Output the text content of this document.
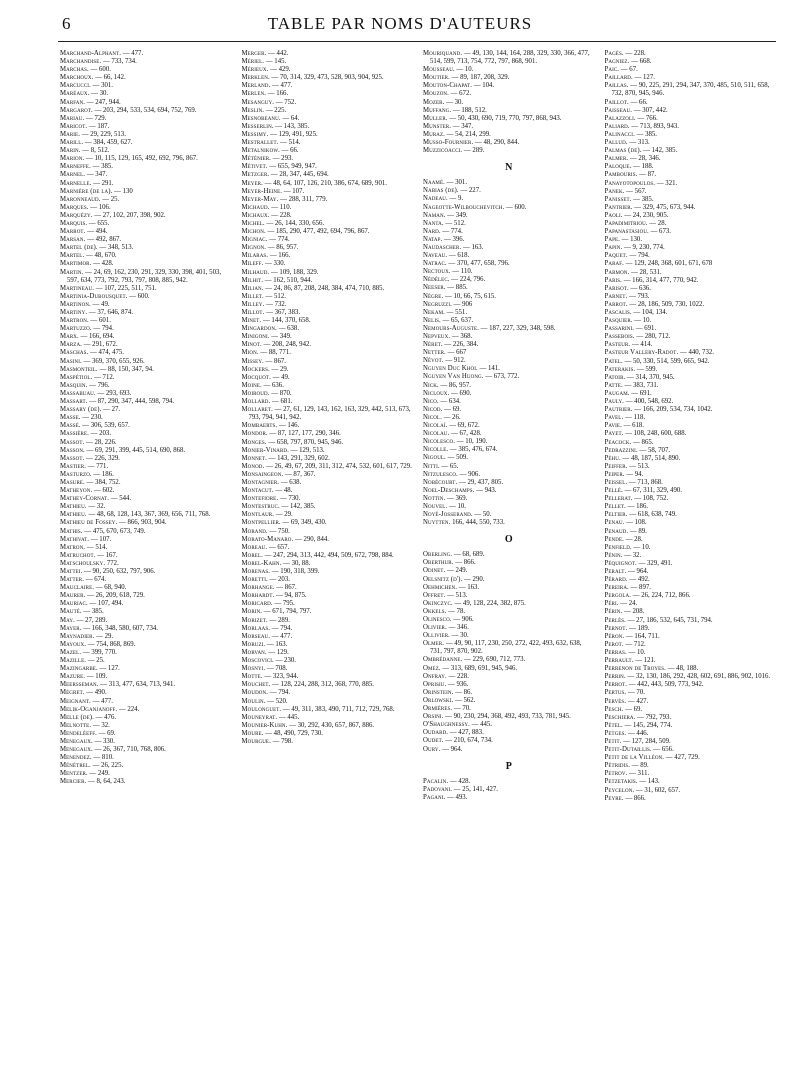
6	TABLE PAR NOMS D'AUTEURS
Marchand-Alphant. — 477.
Marchandise. — 733, 734.
Marchas. — 600.
Marchoux. — 66, 142.
Marcucci. — 301.
Maréaux. — 30.
Marfan. — 247, 944.
Margarot. — 203, 294, 533, 534, 694, 752, 769.
Mariau. — 729.
Maricot. — 187.
Marie. — 29, 229, 513.
Marill. — 384, 459, 627.
Marin. — 8, 512.
Marion. — 10, 115, 129, 165, 492, 692, 796, 867.
Marneffe. — 385.
Marnel. — 347.
Marnelle. — 291.
Marnière (de la). — 130
Maronneaud. — 25.
Marques. — 106.
Marquézy. — 27, 102, 207, 398, 902.
Marquis. — 655.
Marrot. — 494.
Marsan. — 492, 867.
Martel (de). — 348, 513.
Martel. — 48, 670.
Martimor. — 428.
Martin. — 24, 69, 162, 230, 291, 329, 330, 398, 401, 503, 597, 634, 773, 792, 793, 797, 808, 885, 942.
Martineau. — 107, 225, 511, 751.
Martinia-Dubousquet. — 600.
Martinon. — 49.
Martiny. — 37, 646, 874.
Martron. — 601.
Martuzzo. — 794.
Marx. — 166, 694.
Marza. — 291, 672.
Maschas. — 474, 475.
Masini. — 369, 370, 655, 926.
Masmonteil. — 88, 150, 347, 94.
Maspétiol. — 712.
Masquin. — 796.
Massabuau. — 293, 693.
Massart. — 87, 290, 347, 444, 598, 794.
Massary (de). — 27.
Masse. — 230.
Massé. — 306, 539, 657.
Massière. — 203.
Massot. — 28, 226.
Masson. — 69, 291, 399, 445, 514, 690, 868.
Massot. — 226, 329.
Mastier. — 771.
Masturzo. — 186.
Masure. — 384, 752.
Matheyon. — 602.
Mathey-Cornat. — 544.
Mathieu. — 32.
Mathieu. — 48, 68, 128, 143, 367, 369, 656, 711, 768.
Mathieu de Fossey. — 866, 903, 904.
Mathis. — 475, 670, 673, 749.
Mathivat. — 107.
Matron. — 514.
Matruchot. — 167.
Matschoulsky. 772.
Mattei. — 90, 250, 632, 797, 906.
Matter. — 674.
Mauclaire. — 68, 940.
Maurer. — 26, 209, 618, 729.
Mauriac. — 107, 494.
Mauté. — 385.
May. — 27, 289.
Mayer. — 166, 348, 580, 607, 734.
Maynadier. — 29.
Mayoux. — 754, 868, 869.
Mazel. — 399, 770.
Mazille. — 25.
Mazingarbe. — 127.
Mazure. — 109.
Meersseman. — 313, 477, 634, 713, 941.
Mégret. — 490.
Meignant. — 477.
Melik-Oganjanoff. — 224.
Melle (de). — 476.
Melnotte. — 32.
Mendeléeff. — 69.
Menegaux. — 330.
Menegaux. — 26, 367, 710, 768, 806.
Menendez. — 810.
Ménétrel. — 26, 225.
Mentzer. — 249.
Mercier. — 8, 64, 243.
Merger. — 442.
Mériel. — 145.
Mérieux. — 429.
Merklen. — 70, 314, 329, 473, 528, 903, 904, 925.
Merland. — 477.
Merlen. — 166.
Mesanguy. — 752.
Meslin. — 225.
Mesnobeanu. — 64.
Messerlin. — 143, 385.
Messimy. — 129, 491, 925.
Mestrallet. — 514.
Metalnikow. — 66.
Méténier. — 293.
Métivet. — 655, 949, 947.
Metzger. — 28, 347, 445, 694.
Meyer. — 48, 64, 107, 126, 210, 386, 674, 689, 901.
Meyer-Heine. — 107.
Meyer-May. — 288, 311, 779.
Michaud. — 110.
Michaux. — 228.
Michel. — 26, 144, 330, 656.
Michon. — 185, 290, 477, 492, 694, 796, 867.
Migniac. — 774.
Mignon. — 86, 957.
Milaras. — 166.
Mileff. — 330.
Milhaud. — 109, 188, 329.
Milhit. — 162, 510, 944.
Milian. — 24, 86, 87, 208, 248, 384, 474, 710, 885.
Millet. — 512.
Milley. — 732.
Millot. — 367, 383.
Minet. — 144, 370, 658.
Mingardon. — 638.
Minigoni. — 349.
Minot. — 208, 248, 942.
Mion. — 88, 771.
Missey. — 867.
Mockers. — 29.
Mocquot. — 49.
Moine. — 636.
Moiroud. — 870.
Mollard. — 681.
Mollaret. — 27, 61, 129, 143, 162, 163, 329, 442, 513, 673, 793, 794, 941, 942.
Mombaerts. — 146.
Mondor. — 87, 127, 177, 290, 346.
Monges. — 658, 797, 870, 945, 946.
Monier-Vinard. — 129, 513.
Monnet. — 143, 291, 329, 602.
Monod. — 26, 49, 67, 209, 311, 312, 474, 532, 601, 617, 729.
Monsaingeon. — 87, 367.
Montagnier. — 638.
Montacut. — 48.
Montefiore. — 730.
Montestruc. — 142, 385.
Montlaur. — 29.
Montpellier. — 69, 349, 430.
Morand. — 750.
Morato-Manaro. — 290, 844.
Moreau. — 657.
Morel. — 247, 294, 313, 442, 494, 509, 672, 798, 884.
Morel-Kahn. — 30, 88.
Morenas. — 190, 318, 399.
Moretti. — 203.
Morhange. — 867.
Morhardt. — 94, 875.
Moricard. — 795.
Morin. — 671, 794, 797.
Morizet. — 289.
Morlaas. — 794.
Morseau. — 477.
Moruzi. — 163.
Morvan. — 129.
Moscovici. — 230.
Mosnyi. — 708.
Motte. — 323, 944.
Mouchet. — 128, 224, 288, 312, 368, 770, 885.
Moudon. — 794.
Moulin. — 520.
Moulonguet. — 49, 311, 383, 490, 711, 712, 729, 768.
Mouneyrat. — 445.
Mounier-Kuhn. — 30, 292, 430, 657, 867, 886.
Moure. — 48, 490, 729, 730.
Mourgue. — 798.
Mouriquand. — 49, 130, 144, 164, 288, 329, 330, 366, 477, 514, 599, 713, 754, 772, 797, 868, 901.
Mousseau. — 10.
Moutier. — 89, 187, 208, 329.
Mouton-Chapat. — 104.
Mouzon. — 672.
Mozer. — 30.
Muffang. — 188, 512.
Muller. — 50, 430, 690, 719, 770, 797, 868, 943.
Munster. — 347.
Muraz. — 54, 214, 299.
Musso-Fournier. — 48, 290, 844.
Muzzicoacci. — 289.
N
Naamé. — 301.
Nabias (de). — 227.
Nadeau. — 9.
Nageotte-Wilbouchevitch. — 600.
Naman. — 349.
Nanta. — 512.
Nard. — 774.
Natap. — 396.
Naudascher. — 163.
Naveau. — 618.
Natrac. — 370, 477, 658, 796.
Nectoux. — 110.
Nédélec. — 224, 796.
Neeser. — 885.
Nègre. — 10, 66, 75, 615.
Negruzzi. — 906
Nekam. — 551.
Nelis. — 65, 637.
Nemours-Auguste. — 187, 227, 329, 348, 598.
Nepveux. — 368.
Néret. — 226, 384.
Netter. — 667
Névot. — 912.
Nguyen Duc Khoi. — 141.
Nguyen Van Huong. — 673, 772.
Nick. — 86, 957.
Nicloux. — 690.
Nico. — 634.
Nicod. — 69.
Nicol. — 26.
Nicolaï. — 69, 672.
Nicolau. — 67, 428.
Nicolesco. — 10, 190.
Nicolle. — 385, 476, 674.
Nigoul. — 509.
Nitti. — 65.
Nitzulesco. — 906.
Nobécourt. — 29, 437, 805.
Noel-Deschamps. — 943.
Nottin. — 369.
Nouvel. — 10.
Noyé-Josserand. — 50.
Nuytten. 166, 444, 550, 733.
O
Oberling. — 68, 689.
Oberthur. — 866.
Odinet. — 249.
Oelsnitz (d'). — 290.
Oehmichen. — 163.
Offret. — 513.
Okinczyc. — 49, 128, 224, 382, 875.
Okkels. — 78.
Olinesco. — 906.
Olivier. — 346.
Ollivier. — 30.
Olmer. — 49, 90, 117, 230, 250, 272, 422, 493, 632, 638, 731, 797, 870, 902.
Ombrédanne. — 229, 690, 712, 773.
Omez. — 313, 689, 691, 945, 946.
Onfray. — 228.
Oprisiu. — 936.
Orinstein. — 86.
Orlowski. — 562.
Ormières. — 70.
Orsini. — 90, 230, 294, 368, 492, 493, 733, 781, 945.
O'Shaughnessy. — 445.
Oudard. — 427, 883.
Oudet. — 210, 674, 734.
Oury. — 964.
P
Pacalin. — 428.
Padovani. — 25, 141, 427.
Pagani. — 493.
Pagès. — 228.
Pagniez. — 668.
Paic. — 67.
Paillard. — 127.
Paillas. — 90, 225, 291, 294, 347, 370, 485, 510, 511, 658, 732, 870, 945, 946.
Paillot. — 66.
Paisseau. — 307, 442.
Palazzoli. — 766.
Paliard. — 713, 893, 943.
Palinacci. — 385.
Pallud. — 313.
Palmas (de). — 142, 385.
Palmer. — 28, 346.
Paloque. — 188.
Pambouris. — 87.
Panayotopoulos. — 321.
Panek. — 567.
Panisset. — 385.
Pantrier. — 329, 475, 673, 944.
Paoli. — 24, 230, 905.
Papadimitriou. — 28.
Papanastasiou. — 673.
Pape. — 130.
Papin. — 9, 230, 774.
Paquet. — 794.
Paraf. — 129, 248, 368, 601, 671, 678
Parmon. — 28, 531.
Paris. — 166, 314, 477, 770, 942.
Parisot. — 636.
Parnet. — 793.
Parrot. — 28, 186, 509, 730, 1022.
Pascalis. — 104, 134.
Pasquier. — 10.
Passarini. — 691.
Passebois. — 280, 712.
Pasteur. — 414.
Pasteur Vallery-Radot. — 440, 732.
Patel. — 50, 330, 514, 599, 665, 942.
Paterakis. — 599.
Patoir. — 314, 370, 945.
Patte. — 383, 731.
Paugam. — 691.
Pauly. — 400, 548, 692.
Pautrier. — 166, 209, 534, 734, 1042.
Pavel. — 118.
Pavie. — 618.
Payet. — 108, 248, 600, 688.
Peacock. — 865.
Pedrazzini. — 58, 707.
Péhu. — 48, 187, 514, 890.
Peiffer. — 513.
Peiper. — 94.
Peissel. — 713, 868.
Pellé. — 67, 311, 329, 490.
Pellerat. — 108, 752.
Pellet. — 186.
Peltier. — 618, 638, 749.
Penau. — 108.
Penaud. — 89.
Pende. — 28.
Penfield. — 10.
Pénin. — 32.
Péquignot. — 329, 491.
Peralt. — 964.
Pérard. — 492.
Pereira. — 897.
Pergola. — 26, 224, 712, 866.
Péri. — 24.
Périn. — 208.
Perlès. — 27, 186, 532, 645, 731, 794.
Pernot. — 189.
Péron. — 164, 711.
Perot. — 712.
Perras. — 10.
Perrault. — 121.
Perrenon de Troyes. — 48, 188.
Perrin. — 32, 130, 186, 292, 428, 602, 691, 886, 902, 1016.
Perrot. — 442, 443, 509, 773, 942.
Pertus. — 70.
Pervès. — 427.
Pesch. — 69.
Peschiera. — 792, 793.
Pétel. — 145, 294, 774.
Petges. — 446.
Petit. — 127, 284, 509.
Petit-Dutaillis. — 656.
Petit de la Villéon. — 427, 729.
Pétridis. — 89.
Petrov. — 311.
Petzetakis. — 143.
Peycelon. — 31, 602, 657.
Peyre. — 866.
